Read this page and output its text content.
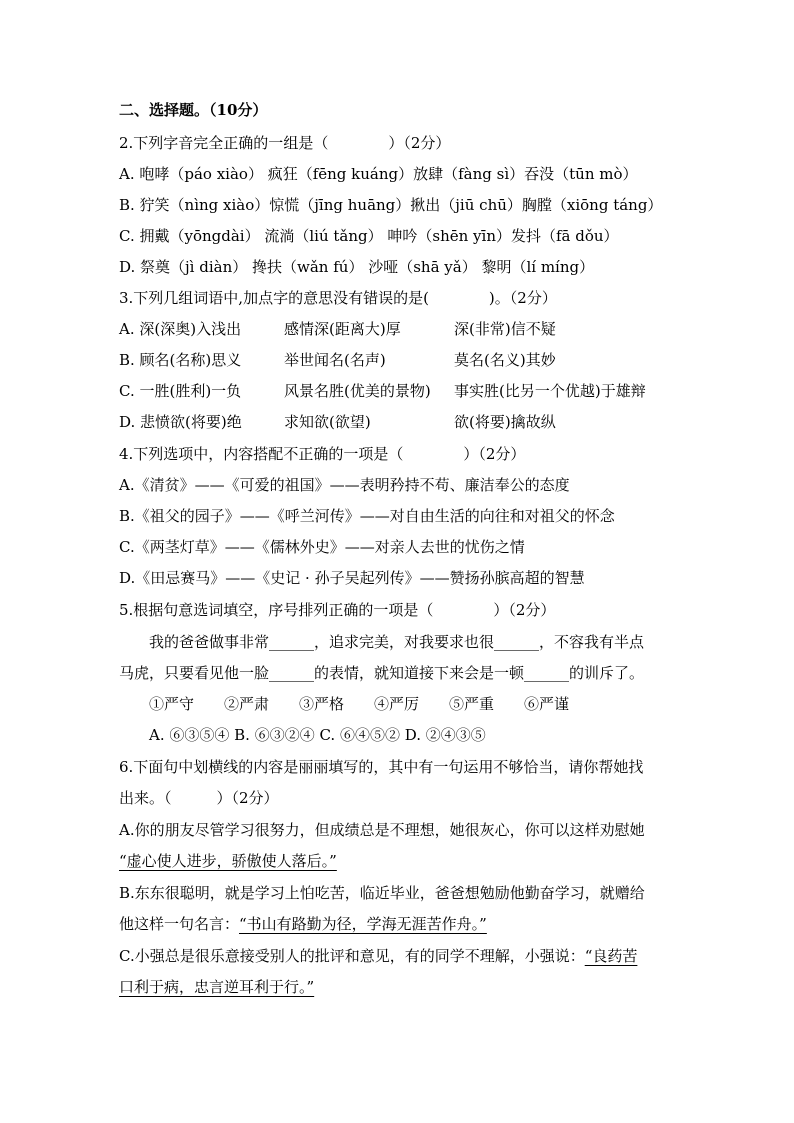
二、选择题。（10分）
2.下列字音完全正确的一组是（　　　　）（2分）
A. 咆哮（páo xiào） 疯狂（fēng kuáng）放肆（fàng sì）吞没（tūn mò）
B. 狞笑（nìng xiào）惊慌（jīng huāng）揪出（jiū chū）胸膛（xiōng táng）
C. 拥戴（yōngdài） 流淌（liú tǎng） 呻吟（shēn yīn）发抖（fā dǒu）
D. 祭奠（jì diàn） 搀扶（wǎn fú） 沙哑（shā yǎ） 黎明（lí míng）
3.下列几组词语中,加点字的意思没有错误的是(　　　　)。（2分）
A. 深(深奥)入浅出	感情深(距离大)厚	深(非常)信不疑
B. 顾名(名称)思义	举世闻名(名声)	莫名(名义)其妙
C. 一胜(胜利)一负	风景名胜(优美的景物) 事实胜(比另一个优越)于雄辩
D. 悲愤欲(将要)绝	求知欲(欲望)	欲(将要)擒故纵
4.下列选项中，内容搭配不正确的一项是（　　　　）（2分）
A.《清贫》——《可爱的祖国》——表明矜持不苟、廉洁奉公的态度
B.《祖父的园子》——《呼兰河传》——对自由生活的向往和对祖父的怀念
C.《两茎灯草》——《儒林外史》——对亲人去世的忧伤之情
D.《田忌赛马》——《史记 · 孙子吴起列传》——赞扬孙膑高超的智慧
5.根据句意选词填空，序号排列正确的一项是（　　　　）（2分）
　　我的爸爸做事非常______，追求完美，对我要求也很______，不容我有半点
马虎，只要看见他一脸______的表情，就知道接下来会是一顿______的训斥了。
　　①严守　　②严肃　　③严格　　④严厉　　⑤严重　　⑥严谨
　　A. ⑥③⑤④ B. ⑥③②④ C. ⑥④⑤② D. ②④③⑤
6.下面句中划横线的内容是丽丽填写的，其中有一句运用不够恰当，请你帮她找
出来。（　　　）（2分）
A.你的朋友尽管学习很努力，但成绩总是不理想，她很灰心，你可以这样劝慰她
“虚心使人进步，骄傲使人落后。”
B.东东很聪明，就是学习上怕吃苦，临近毕业，爸爸想勉励他勤奋学习，就赠给
他这样一句名言：“书山有路勤为径，学海无涯苦作舟。”
C.小强总是很乐意接受别人的批评和意见，有的同学不理解，小强说：“良药苦
口利于病，忠言逆耳利于行。”
